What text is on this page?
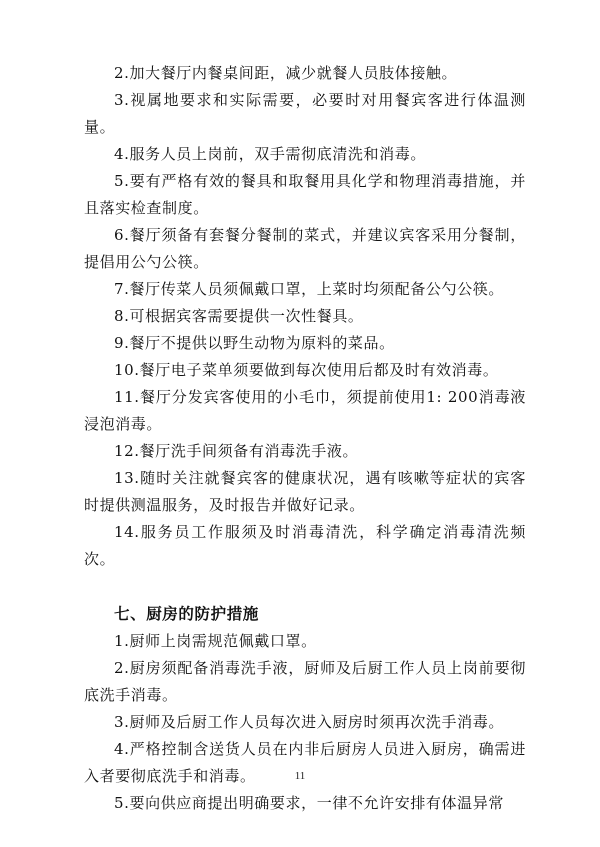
2.加大餐厅内餐桌间距，减少就餐人员肢体接触。

3.视属地要求和实际需要，必要时对用餐宾客进行体温测量。

4.服务人员上岗前，双手需彻底清洗和消毒。

5.要有严格有效的餐具和取餐用具化学和物理消毒措施，并且落实检查制度。

6.餐厅须备有套餐分餐制的菜式，并建议宾客采用分餐制，提倡用公勺公筷。

7.餐厅传菜人员须佩戴口罩，上菜时均须配备公勺公筷。

8.可根据宾客需要提供一次性餐具。

9.餐厅不提供以野生动物为原料的菜品。

10.餐厅电子菜单须要做到每次使用后都及时有效消毒。

11.餐厅分发宾客使用的小毛巾，须提前使用1: 200消毒液浸泡消毒。

12.餐厅洗手间须备有消毒洗手液。

13.随时关注就餐宾客的健康状况，遇有咳嗽等症状的宾客时提供测温服务，及时报告并做好记录。

14.服务员工作服须及时消毒清洗，科学确定消毒清洗频次。

七、厨房的防护措施

1.厨师上岗需规范佩戴口罩。

2.厨房须配备消毒洗手液，厨师及后厨工作人员上岗前要彻底洗手消毒。

3.厨师及后厨工作人员每次进入厨房时须再次洗手消毒。

4.严格控制含送货人员在内非后厨房人员进入厨房，确需进入者要彻底洗手和消毒。

5.要向供应商提出明确要求，一律不允许安排有体温异常

11
